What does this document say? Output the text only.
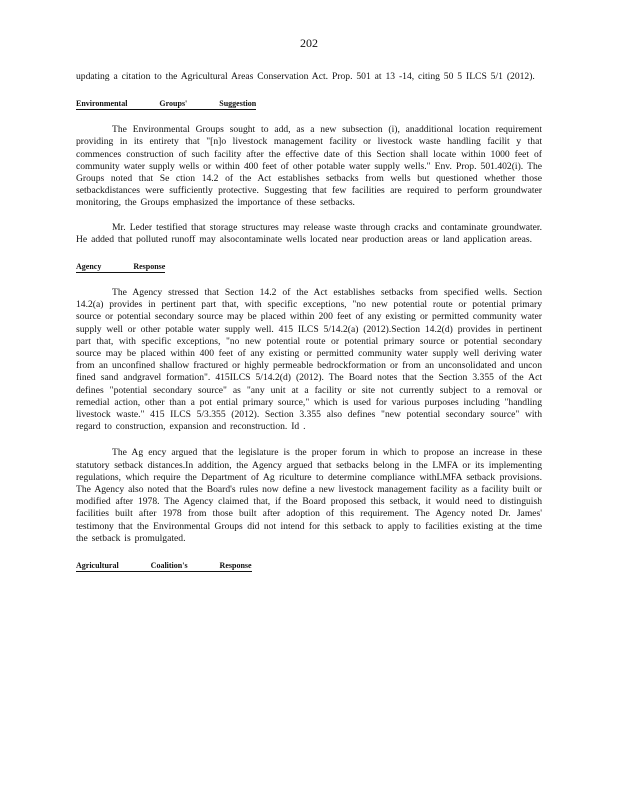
202

updating a citation to the Agricultural Areas Conservation Act. Prop. 501 at 13 -14, citing 50 5 ILCS 5/1 (2012).

Environmental Groups' Suggestion

The Environmental Groups sought to add, as a new subsection (i), anadditional location requirement providing in its entirety that "[n]o livestock management facility or livestock waste handling facilit y that commences construction of such facility after the effective date of this Section shall locate within 1000 feet of community water supply wells or within 400 feet of other potable water supply wells." Env. Prop. 501.402(i). The Groups noted that Se ction 14.2 of the Act establishes setbacks from wells but questioned whether those setbackdistances were sufficiently protective. Suggesting that few facilities are required to perform groundwater monitoring, the Groups emphasized the importance of these setbacks.

Mr. Leder testified that storage structures may release waste through cracks and contaminate groundwater. He added that polluted runoff may alsocontaminate wells located near production areas or land application areas.

Agency Response

The Agency stressed that Section 14.2 of the Act establishes setbacks from specified wells. Section 14.2(a) provides in pertinent part that, with specific exceptions, "no new potential route or potential primary source or potential secondary source may be placed within 200 feet of any existing or permitted community water supply well or other potable water supply well. 415 ILCS 5/14.2(a) (2012).Section 14.2(d) provides in pertinent part that, with specific exceptions, "no new potential route or potential primary source or potential secondary source may be placed within 400 feet of any existing or permitted community water supply well deriving water from an unconfined shallow fractured or highly permeable bedrockformation or from an unconsolidated and uncon fined sand andgravel formation". 415ILCS 5/14.2(d) (2012). The Board notes that the Section 3.355 of the Act defines "potential secondary source" as "any unit at a facility or site not currently subject to a removal or remedial action, other than a pot ential primary source," which is used for various purposes including "handling livestock waste." 415 ILCS 5/3.355 (2012). Section 3.355 also defines "new potential secondary source" with regard to construction, expansion and reconstruction. Id .

The Ag ency argued that the legislature is the proper forum in which to propose an increase in these statutory setback distances.In addition, the Agency argued that setbacks belong in the LMFA or its implementing regulations, which require the Department of Ag riculture to determine compliance withLMFA setback provisions. The Agency also noted that the Board's rules now define a new livestock management facility as a facility built or modified after 1978. The Agency claimed that, if the Board proposed this setback, it would need to distinguish facilities built after 1978 from those built after adoption of this requirement. The Agency noted Dr. James' testimony that the Environmental Groups did not intend for this setback to apply to facilities existing at the time the setback is promulgated.

Agricultural Coalition's Response
